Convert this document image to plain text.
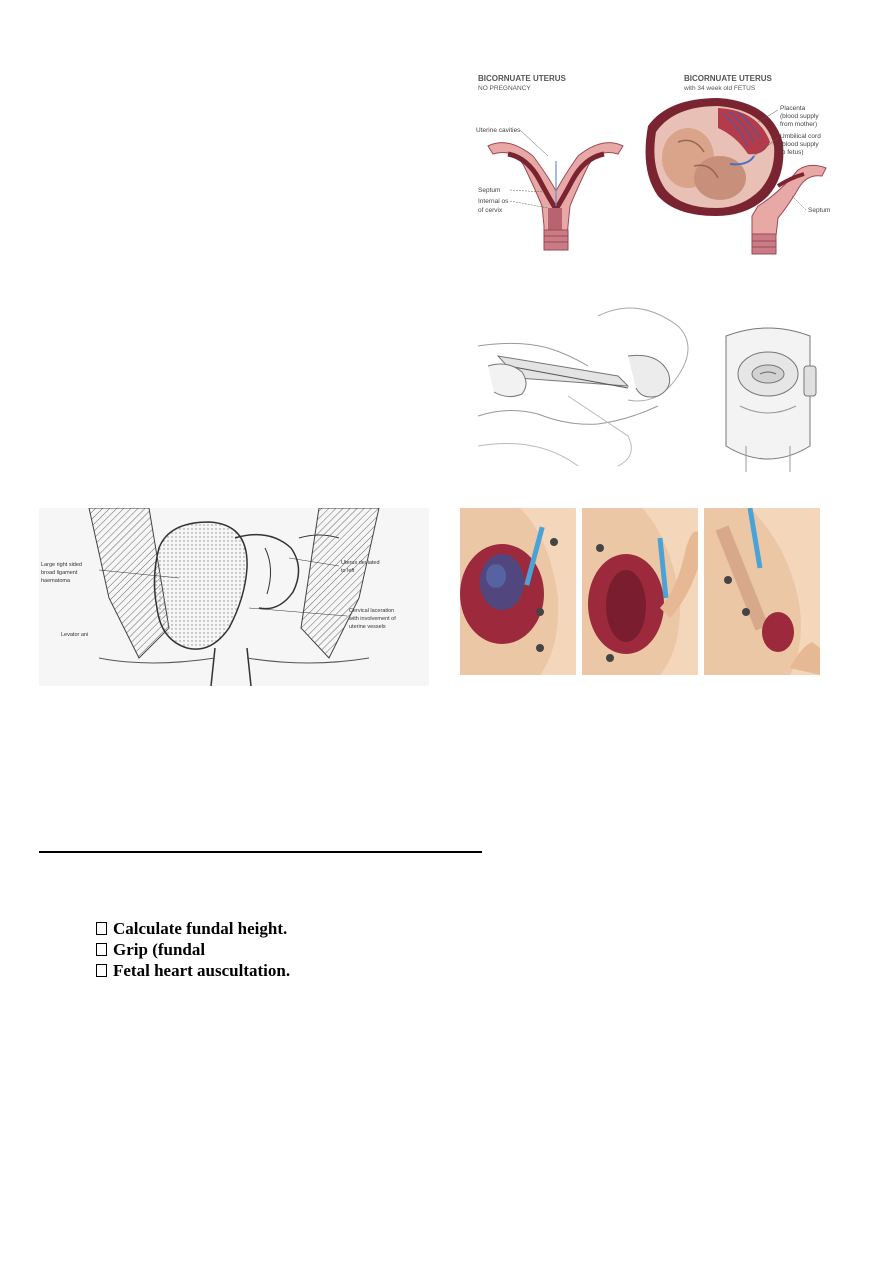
BICORNUATE UTERUS
NO PREGNANCY
BICORNUATE UTERUS
with 34 week old FETUS
Uterine cavities
Septum
Internal os
of cervix
Placenta
(blood supply
from mother)
Umbilical cord
(blood supply
to fetus)
Septum
Large right sided
broad ligament
haematoma
Levator ani
Uterus deviated
to left
Cervical laceration
with involvement of
uterine vessels
Calculate fundal height.
Grip (fundal
Fetal heart auscultation.
